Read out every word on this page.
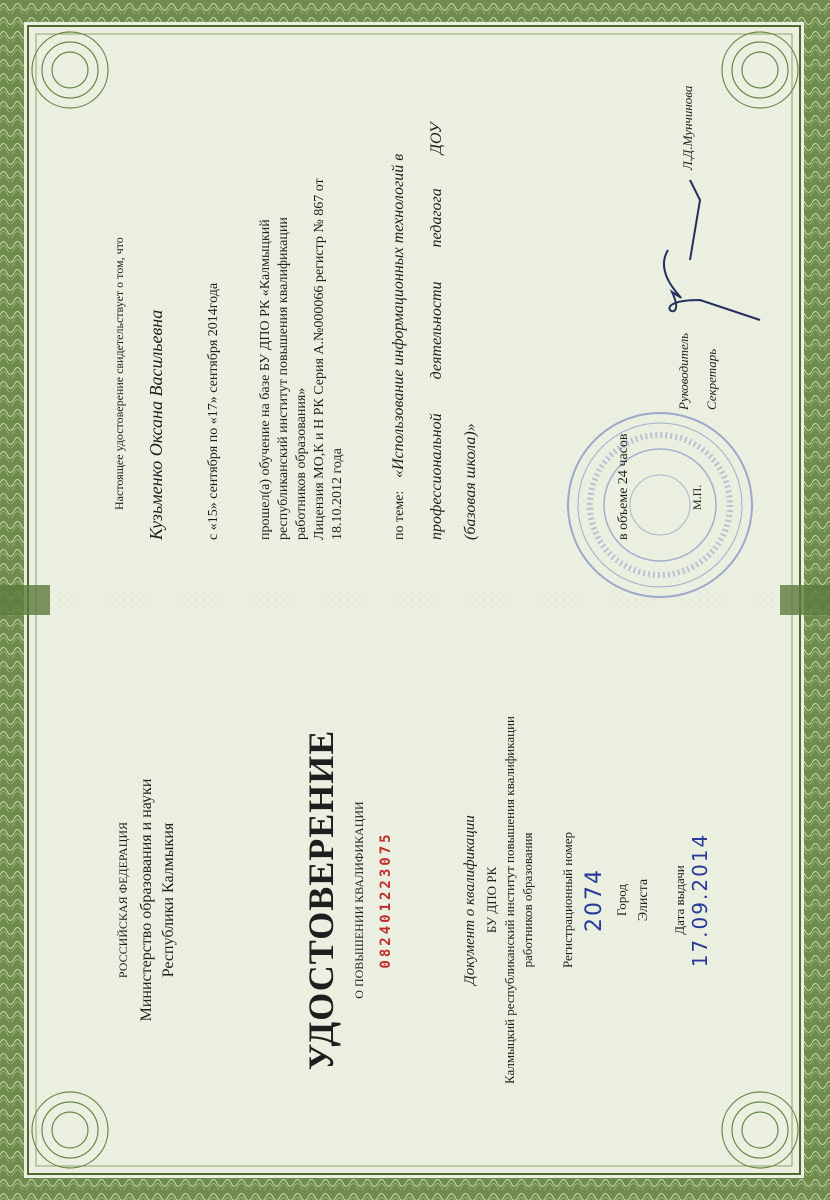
РОССИЙСКАЯ ФЕДЕРАЦИЯ Министерство образования и науки Республики Калмыкия	УДОСТОВЕРЕНИЕ О ПОВЫШЕНИИ КВАЛИФИКАЦИИ 082401223075	Документ о квалификации БУ ДПО РК Калмыцкий республиканский институт повышения квалификации работников образования Регистрационный номер 2074 Город Элиста Дата выдачи 17.09.2014
Настоящее удостоверение свидетельствует о том, что Кузьменко Оксана Васильевна	с «15» сентября по «17» сентября 2014года	прошел(а) обучение на базе БУ ДПО РК «Калмыцкий республиканский институт повышения квалификации работников образования» Лицензия МО,К и Н РК Серия А.№000066 регистр № 867 от 18.10.2012 года	по теме:
«Использование информационных технологий в профессиональной деятельности педагога ДОУ (базовая школа)»	в объеме 24 часов
Руководитель
Л.Д.Мунчинова
М.П.
Секретарь
